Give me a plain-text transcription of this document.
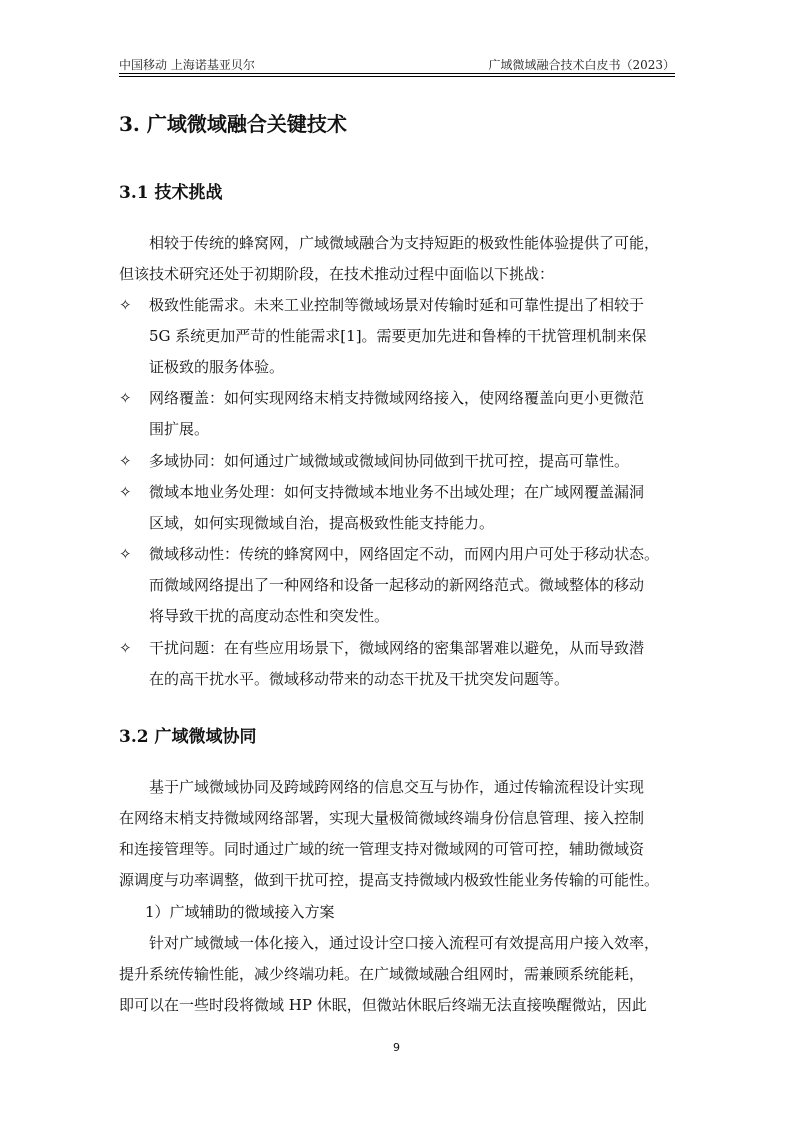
中国移动 上海诺基亚贝尔	广域微域融合技术白皮书（2023）
3. 广域微域融合关键技术
3.1 技术挑战
相较于传统的蜂窝网，广域微域融合为支持短距的极致性能体验提供了可能，
但该技术研究还处于初期阶段，在技术推动过程中面临以下挑战：
✧ 极致性能需求。未来工业控制等微域场景对传输时延和可靠性提出了相较于
5G 系统更加严苛的性能需求[1]。需要更加先进和鲁棒的干扰管理机制来保
证极致的服务体验。
✧ 网络覆盖：如何实现网络末梢支持微域网络接入，使网络覆盖向更小更微范
围扩展。
✧ 多域协同：如何通过广域微域或微域间协同做到干扰可控，提高可靠性。
✧ 微域本地业务处理：如何支持微域本地业务不出域处理；在广域网覆盖漏洞
区域，如何实现微域自治，提高极致性能支持能力。
✧ 微域移动性：传统的蜂窝网中，网络固定不动，而网内用户可处于移动状态。
而微域网络提出了一种网络和设备一起移动的新网络范式。微域整体的移动
将导致干扰的高度动态性和突发性。
✧ 干扰问题：在有些应用场景下，微域网络的密集部署难以避免，从而导致潜
在的高干扰水平。微域移动带来的动态干扰及干扰突发问题等。
3.2 广域微域协同
基于广域微域协同及跨域跨网络的信息交互与协作，通过传输流程设计实现
在网络末梢支持微域网络部署，实现大量极简微域终端身份信息管理、接入控制
和连接管理等。同时通过广域的统一管理支持对微域网的可管可控，辅助微域资
源调度与功率调整，做到干扰可控，提高支持微域内极致性能业务传输的可能性。
1）广域辅助的微域接入方案
针对广域微域一体化接入，通过设计空口接入流程可有效提高用户接入效率，
提升系统传输性能，减少终端功耗。在广域微域融合组网时，需兼顾系统能耗，
即可以在一些时段将微域 HP 休眠，但微站休眠后终端无法直接唤醒微站，因此
9
